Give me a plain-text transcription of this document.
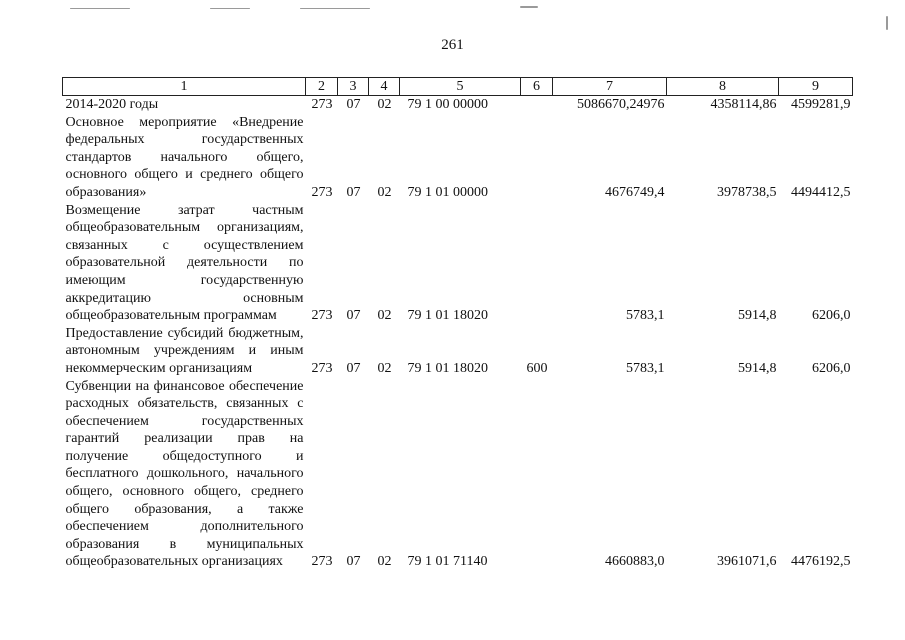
261
1	2	3	4	5	6	7	8	9
2014-2020 годы	273	07	02	79 1 00 00000		5086670,24976	4358114,86	4599281,9
Основное мероприятие «Внедрение федеральных государственных стандартов начального общего, основного общего и среднего общего образования»	273	07	02	79 1 01 00000		4676749,4	3978738,5	4494412,5
Возмещение затрат частным общеобразовательным организациям, связанных с осуществлением образовательной деятельности по имеющим государственную аккредитацию основным общеобразовательным программам	273	07	02	79 1 01 18020		5783,1	5914,8	6206,0
Предоставление субсидий бюджетным, автономным учреждениям и иным некоммерческим организациям	273	07	02	79 1 01 18020	600	5783,1	5914,8	6206,0
Субвенции на финансовое обеспечение расходных обязательств, связанных с обеспечением государственных гарантий реализации прав на получение общедоступного и бесплатного дошкольного, начального общего, основного общего, среднего общего образования, а также обеспечением дополнительного образования в муниципальных общеобразовательных организациях	273	07	02	79 1 01 71140		4660883,0	3961071,6	4476192,5
